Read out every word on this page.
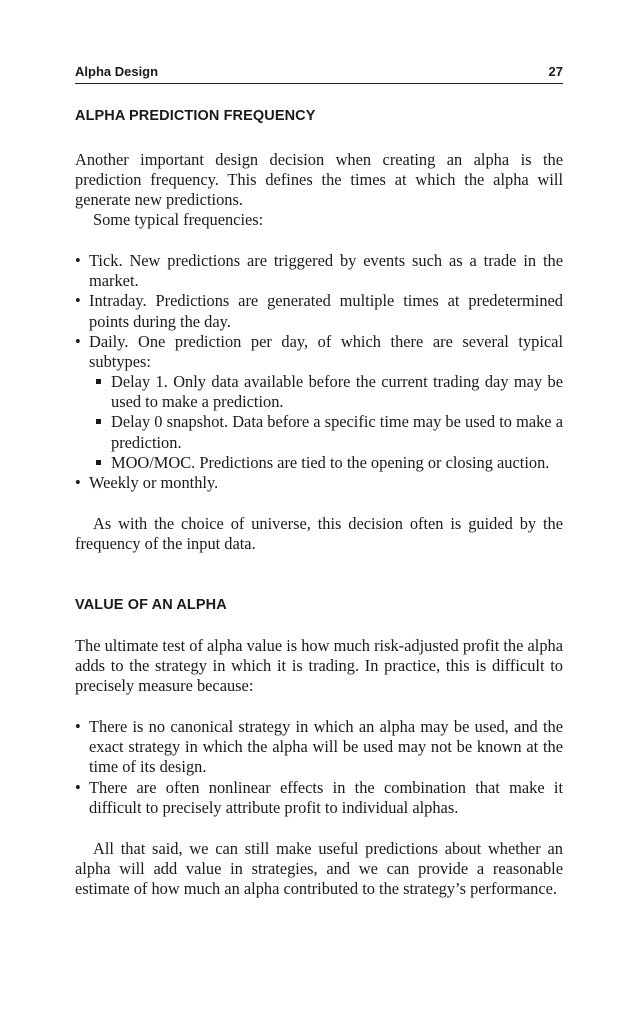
Alpha Design	27
ALPHA PREDICTION FREQUENCY

Another important design decision when creating an alpha is the prediction frequency. This defines the times at which the alpha will generate new predictions.

Some typical frequencies:

• Tick. New predictions are triggered by events such as a trade in the market.
• Intraday. Predictions are generated multiple times at predetermined points during the day.
• Daily. One prediction per day, of which there are several typical subtypes:
Delay 1. Only data available before the current trading day may be used to make a prediction.
Delay 0 snapshot. Data before a specific time may be used to make a prediction.
MOO/MOC. Predictions are tied to the opening or closing auction.
• Weekly or monthly.

As with the choice of universe, this decision often is guided by the frequency of the input data.

VALUE OF AN ALPHA

The ultimate test of alpha value is how much risk-adjusted profit the alpha adds to the strategy in which it is trading. In practice, this is difficult to precisely measure because:

• There is no canonical strategy in which an alpha may be used, and the exact strategy in which the alpha will be used may not be known at the time of its design.
• There are often nonlinear effects in the combination that make it difficult to precisely attribute profit to individual alphas.

All that said, we can still make useful predictions about whether an alpha will add value in strategies, and we can provide a reasonable estimate of how much an alpha contributed to the strategy’s performance.
